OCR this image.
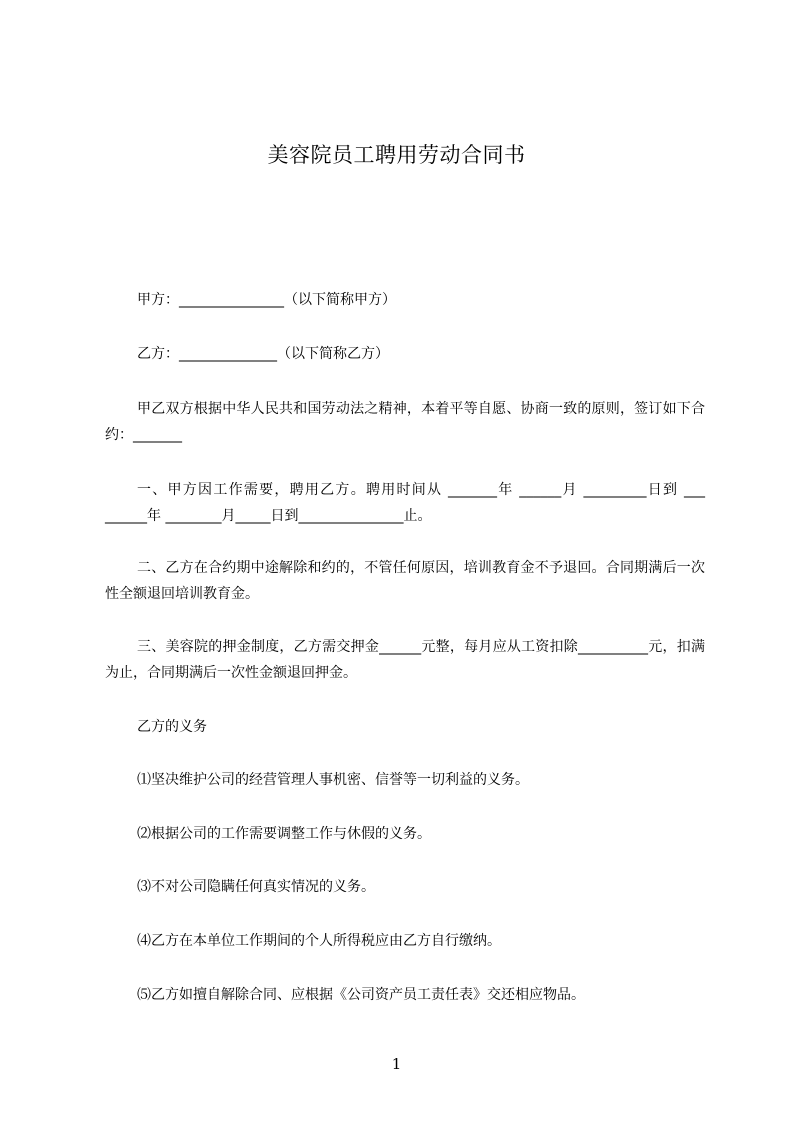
美容院员工聘用劳动合同书
甲方：_______________（以下简称甲方）
乙方：______________（以下简称乙方）
甲乙双方根据中华人民共和国劳动法之精神，本着平等自愿、协商一致的原则，签订如下合约：_______
一、甲方因工作需要，聘用乙方。聘用时间从 _______年 ______月 _________日到 ___ ______年 ________月_____日到_______________止。
二、乙方在合约期中途解除和约的，不管任何原因，培训教育金不予退回。合同期满后一次性全额退回培训教育金。
三、美容院的押金制度，乙方需交押金______元整，每月应从工资扣除__________元，扣满为止，合同期满后一次性金额退回押金。
乙方的义务
⑴坚决维护公司的经营管理人事机密、信誉等一切利益的义务。
⑵根据公司的工作需要调整工作与休假的义务。
⑶不对公司隐瞒任何真实情况的义务。
⑷乙方在本单位工作期间的个人所得税应由乙方自行缴纳。
⑸乙方如擅自解除合同、应根据《公司资产员工责任表》交还相应物品。
1
